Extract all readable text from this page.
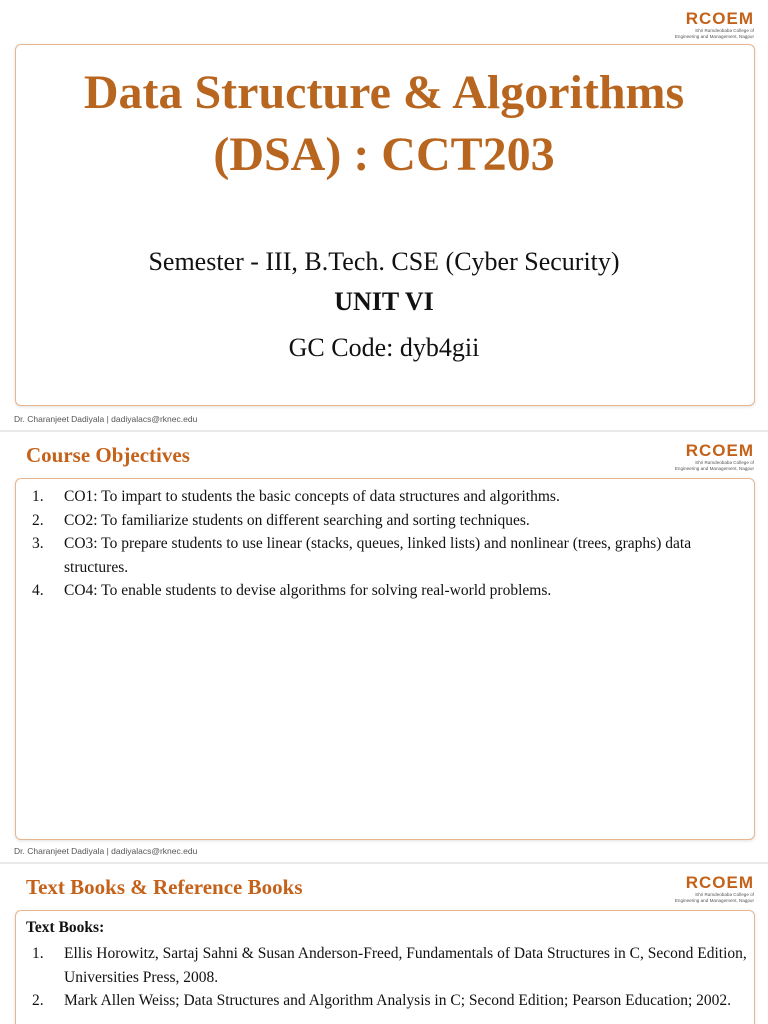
RCOEM
Shri Ramdeobaba College of
Engineering and Management, Nagpur
Data Structure & Algorithms
(DSA) : CCT203
Semester - III, B.Tech. CSE (Cyber Security)
UNIT VI
GC Code: dyb4gii
Dr. Charanjeet Dadiyala | dadiyalacs@rknec.edu
RCOEM
Shri Ramdeobaba College of
Engineering and Management, Nagpur
Course Objectives
1. CO1: To impart to students the basic concepts of data structures and algorithms.
2. CO2: To familiarize students on different searching and sorting techniques.
3. CO3: To prepare students to use linear (stacks, queues, linked lists) and nonlinear (trees, graphs) data structures.
4. CO4: To enable students to devise algorithms for solving real-world problems.
Dr. Charanjeet Dadiyala | dadiyalacs@rknec.edu
RCOEM
Shri Ramdeobaba College of
Engineering and Management, Nagpur
Text Books & Reference Books
Text Books:
1. Ellis Horowitz, Sartaj Sahni & Susan Anderson-Freed, Fundamentals of Data Structures in C, Second Edition, Universities Press, 2008.
2. Mark Allen Weiss; Data Structures and Algorithm Analysis in C; Second Edition; Pearson Education; 2002.
